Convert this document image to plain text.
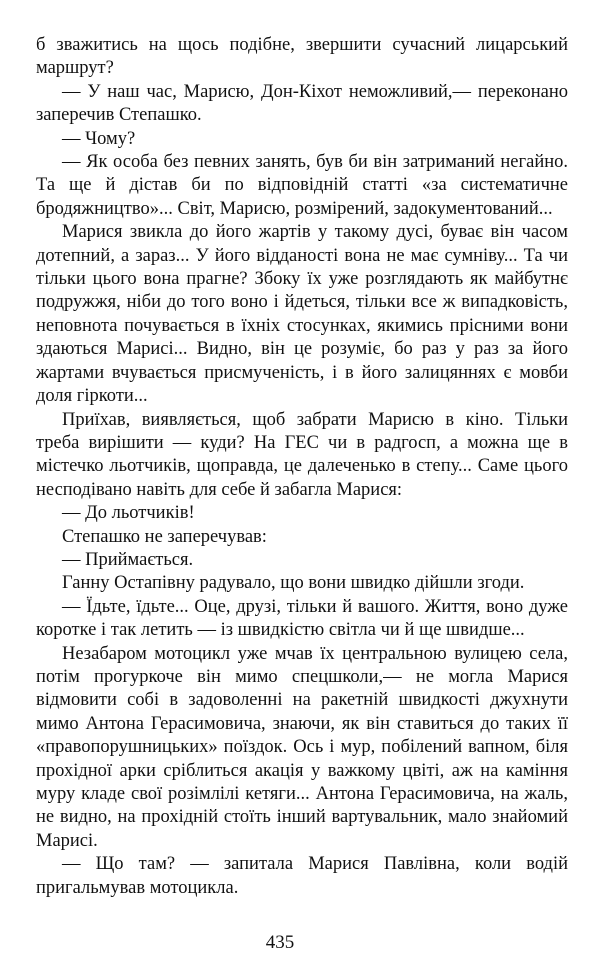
б зважитись на щось подібне, звершити сучасний лицарський маршрут?

— У наш час, Марисю, Дон-Кіхот неможливий,— переконано заперечив Степашко.

— Чому?

— Як особа без певних занять, був би він затриманий негайно. Та ще й дістав би по відповідній статті «за систематичне бродяжництво»... Світ, Марисю, розмірений, задокументований...

Марися звикла до його жартів у такому дусі, буває він часом дотепний, а зараз... У його відданості вона не має сумніву... Та чи тільки цього вона прагне? Збоку їх уже розглядають як майбутнє подружжя, ніби до того воно і йдеться, тільки все ж випадковість, неповнота почувається в їхніх стосунках, якимись прісними вони здаються Марисі... Видно, він це розуміє, бо раз у раз за його жартами вчувається присмученість, і в його залицяннях є мовби доля гіркоти...

Приїхав, виявляється, щоб забрати Марисю в кіно. Тільки треба вирішити — куди? На ГЕС чи в радгосп, а можна ще в містечко льотчиків, щоправда, це далеченько в степу... Саме цього несподівано навіть для себе й забагла Марися:

— До льотчиків!

Степашко не заперечував:

— Приймається.

Ганну Остапівну радувало, що вони швидко дійшли згоди.

— Їдьте, їдьте... Оце, друзі, тільки й вашого. Життя, воно дуже коротке і так летить — із швидкістю світла чи й ще швидше...

Незабаром мотоцикл уже мчав їх центральною вулицею села, потім прогуркоче він мимо спецшколи,— не могла Марися відмовити собі в задоволенні на ракетній швидкості джухнути мимо Антона Герасимовича, знаючи, як він ставиться до таких її «правопорушницьких» поїздок. Ось і мур, побілений вапном, біля прохідної арки сріблиться акація у важкому цвіті, аж на каміння муру кладе свої розімлілі кетяги... Антона Герасимовича, на жаль, не видно, на прохідній стоїть інший вартувальник, мало знайомий Марисі.

— Що там? — запитала Марися Павлівна, коли водій пригальмував мотоцикла.

435
